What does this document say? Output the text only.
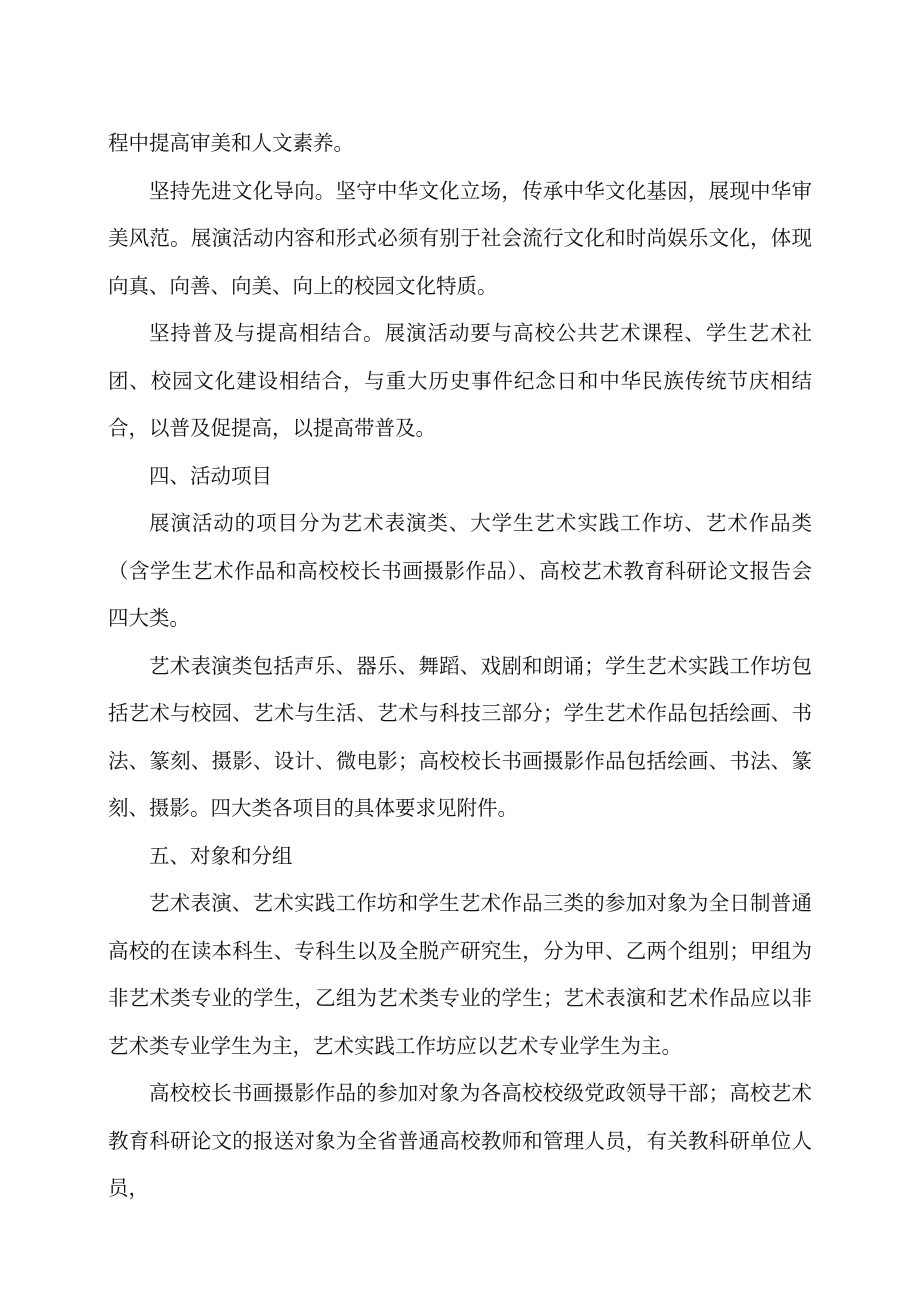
程中提高审美和人文素养。

坚持先进文化导向。坚守中华文化立场，传承中华文化基因，展现中华审美风范。展演活动内容和形式必须有别于社会流行文化和时尚娱乐文化，体现向真、向善、向美、向上的校园文化特质。

坚持普及与提高相结合。展演活动要与高校公共艺术课程、学生艺术社团、校园文化建设相结合，与重大历史事件纪念日和中华民族传统节庆相结合，以普及促提高，以提高带普及。

四、活动项目

展演活动的项目分为艺术表演类、大学生艺术实践工作坊、艺术作品类（含学生艺术作品和高校校长书画摄影作品）、高校艺术教育科研论文报告会四大类。

艺术表演类包括声乐、器乐、舞蹈、戏剧和朗诵；学生艺术实践工作坊包括艺术与校园、艺术与生活、艺术与科技三部分；学生艺术作品包括绘画、书法、篆刻、摄影、设计、微电影；高校校长书画摄影作品包括绘画、书法、篆刻、摄影。四大类各项目的具体要求见附件。

五、对象和分组

艺术表演、艺术实践工作坊和学生艺术作品三类的参加对象为全日制普通高校的在读本科生、专科生以及全脱产研究生，分为甲、乙两个组别；甲组为非艺术类专业的学生，乙组为艺术类专业的学生；艺术表演和艺术作品应以非艺术类专业学生为主，艺术实践工作坊应以艺术专业学生为主。

高校校长书画摄影作品的参加对象为各高校校级党政领导干部；高校艺术教育科研论文的报送对象为全省普通高校教师和管理人员，有关教科研单位人员，
